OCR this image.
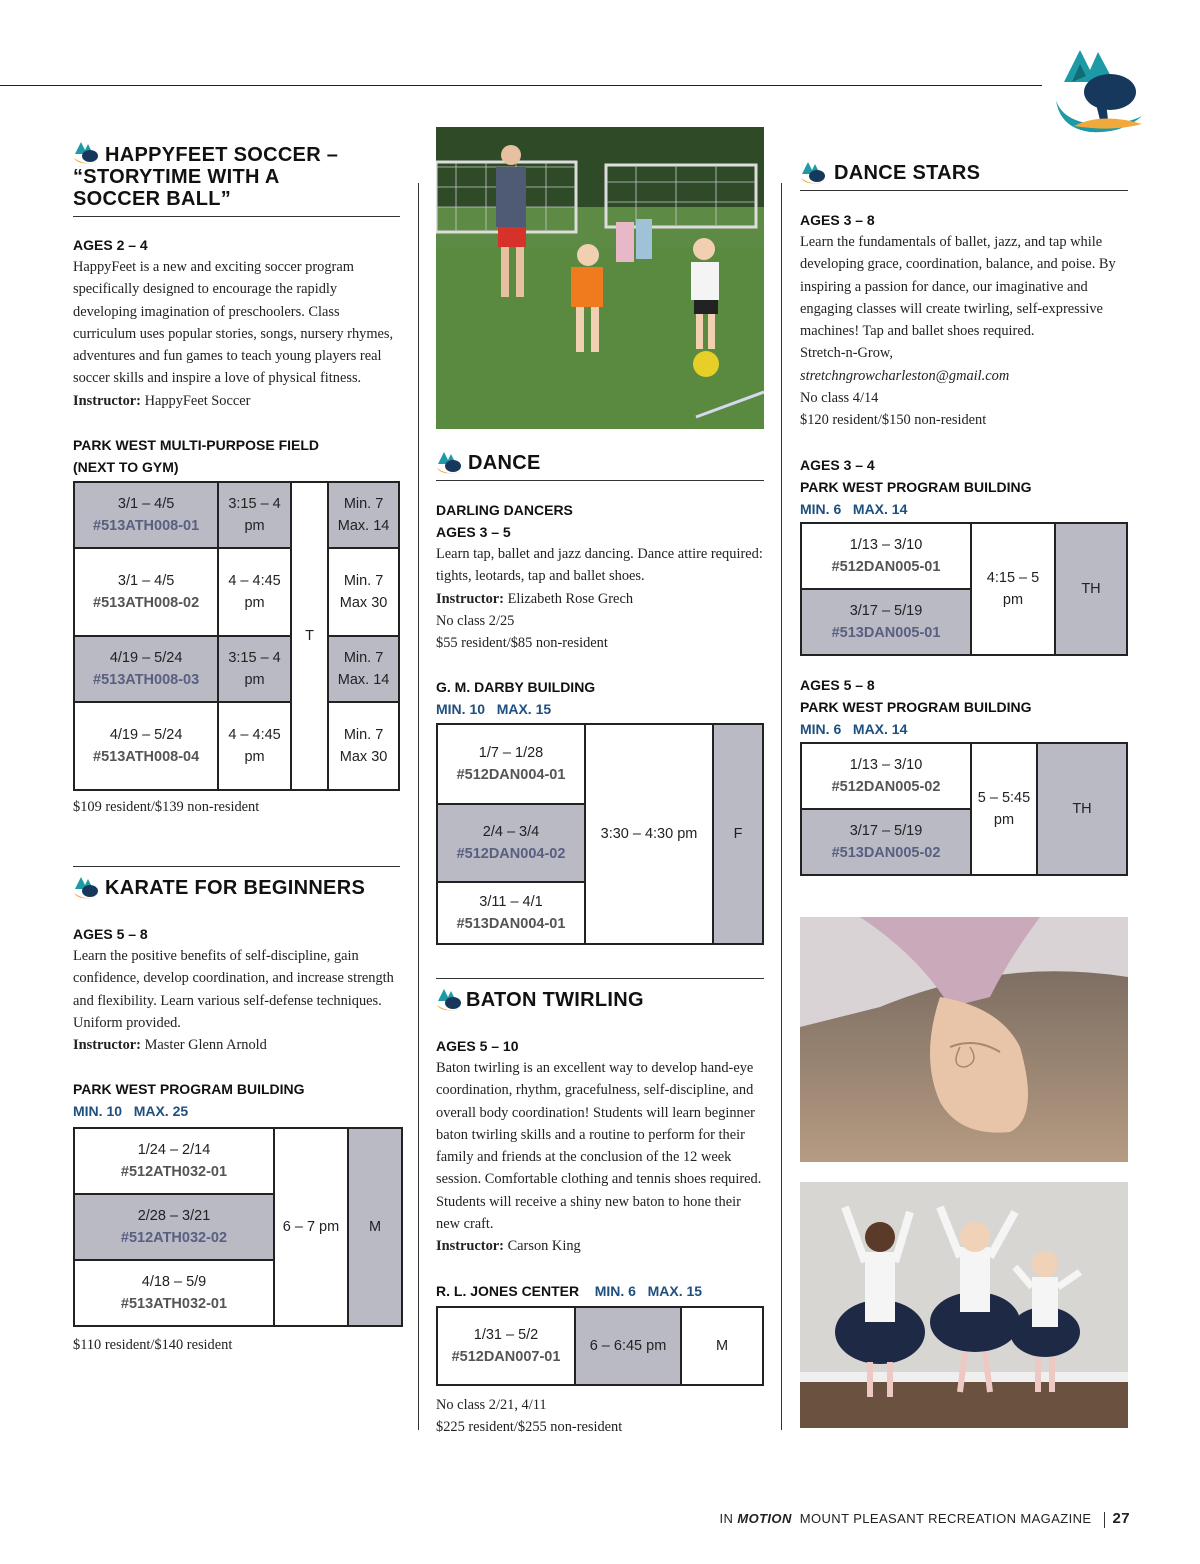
HAPPYFEET SOCCER –
“STORYTIME WITH A
SOCCER BALL”
AGES 2 – 4
HappyFeet is a new and exciting soccer program specifically designed to encourage the rapidly developing imagination of preschoolers. Class curriculum uses popular stories, songs, nursery rhymes, adventures and fun games to teach young players real soccer skills and inspire a love of physical fitness.
Instructor: HappyFeet Soccer
PARK WEST MULTI-PURPOSE FIELD
(NEXT TO GYM)
3/1 – 4/5
#513ATH008-01	3:15 – 4 pm	T	Min. 7 Max. 14

3/1 – 4/5
#513ATH008-02	4 – 4:45 pm		Min. 7 Max 30

4/19 – 5/24
#513ATH008-03	3:15 – 4 pm		Min. 7 Max. 14

4/19 – 5/24
#513ATH008-04	4 – 4:45 pm		Min. 7 Max 30
$109 resident/$139 non-resident
KARATE FOR BEGINNERS
AGES 5 – 8
Learn the positive benefits of self-discipline, gain confidence, develop coordination, and increase strength and flexibility. Learn various self-defense techniques. Uniform provided.
Instructor: Master Glenn Arnold
PARK WEST PROGRAM BUILDING
MIN. 10 MAX. 25
1/24 – 2/14
#512ATH032-01
	6 – 7 pm	M

2/28 – 3/21
#512ATH032-02

4/18 – 5/9
#513ATH032-01
$110 resident/$140 resident
DANCE
DARLING DANCERS
AGES 3 – 5
Learn tap, ballet and jazz dancing. Dance attire required: tights, leotards, tap and ballet shoes.
Instructor: Elizabeth Rose Grech
No class 2/25
$55 resident/$85 non-resident
G. M. DARBY BUILDING
MIN. 10 MAX. 15
1/7 – 1/28
#512DAN004-01
	3:30 – 4:30 pm	F

2/4 – 3/4
#512DAN004-02

3/11 – 4/1
#513DAN004-01
BATON TWIRLING
AGES 5 – 10
Baton twirling is an excellent way to develop hand-eye coordination, rhythm, gracefulness, self-discipline, and overall body coordination! Students will learn beginner baton twirling skills and a routine to perform for their family and friends at the conclusion of the 12 week session. Comfortable clothing and tennis shoes required. Students will receive a shiny new baton to hone their new craft.
Instructor: Carson King
R. L. JONES CENTER MIN. 6 MAX. 15
1/31 – 5/2
#512DAN007-01
	6 – 6:45 pm	M
No class 2/21, 4/11
$225 resident/$255 non-resident
DANCE STARS
AGES 3 – 8
Learn the fundamentals of ballet, jazz, and tap while developing grace, coordination, balance, and poise. By inspiring a passion for dance, our imaginative and engaging classes will create twirling, self-expressive machines! Tap and ballet shoes required.
Stretch-n-Grow,
stretchngrowcharleston@gmail.com
No class 4/14
$120 resident/$150 non-resident
AGES 3 – 4
PARK WEST PROGRAM BUILDING
MIN. 6 MAX. 14
1/13 – 3/10
#512DAN005-01
	4:15 – 5 pm	TH

3/17 – 5/19
#513DAN005-01
AGES 5 – 8
PARK WEST PROGRAM BUILDING
MIN. 6 MAX. 14
1/13 – 3/10
#512DAN005-02
	5 – 5:45 pm	TH

3/17 – 5/19
#513DAN005-02
IN MOTION MOUNT PLEASANT RECREATION MAGAZINE 27
